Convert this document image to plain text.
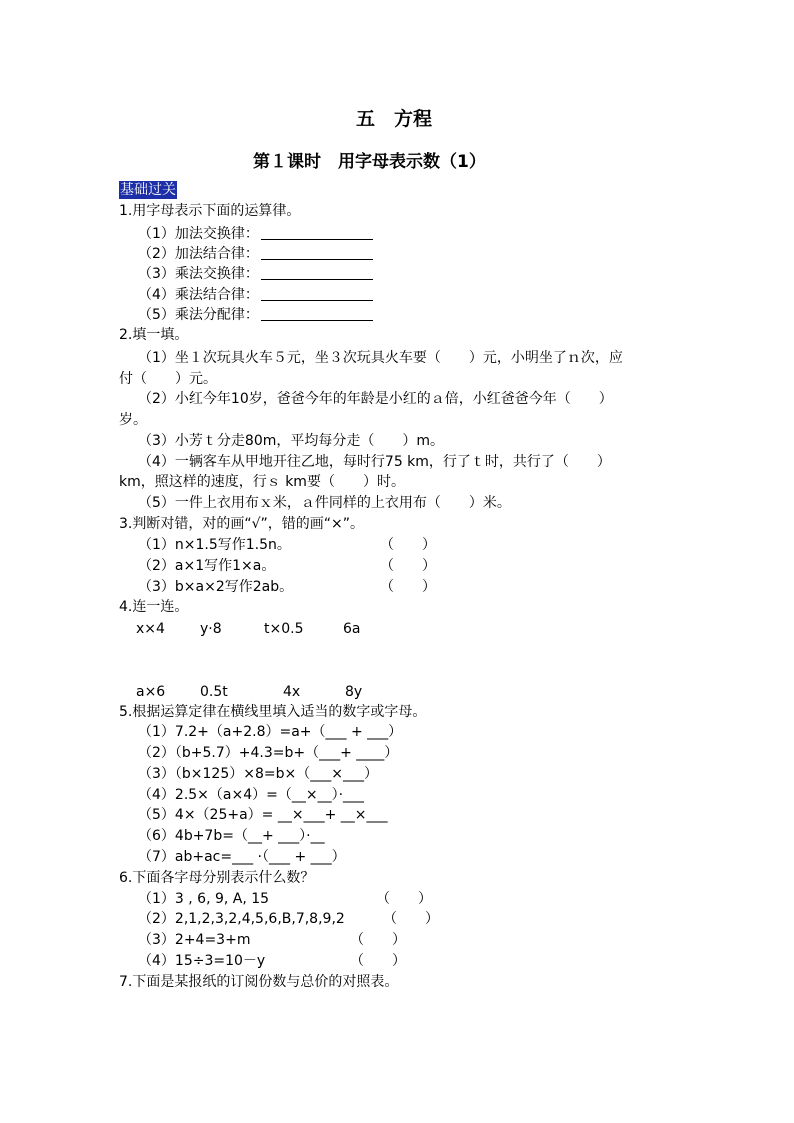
五　方程
第１课时　用字母表示数（1）
基础过关
1.用字母表示下面的运算律。
（1）加法交换律：
（2）加法结合律：
（3）乘法交换律：
（4）乘法结合律：
（5）乘法分配律：
2.填一填。
（1）坐１次玩具火车５元，坐３次玩具火车要（　　）元，小明坐了ｎ次，应
付（　　）元。
（2）小红今年10岁，爸爸今年的年龄是小红的ａ倍，小红爸爸今年（　　）
岁。
（3）小芳ｔ分走80m，平均每分走（　　）m。
（4）一辆客车从甲地开往乙地，每时行75 km，行了ｔ时，共行了（　　）
km，照这样的速度，行ｓ km要（　　）时。
（5）一件上衣用布ｘ米，ａ件同样的上衣用布（　　）米。
3.判断对错，对的画“√”，错的画“×”。
（1）n×1.5写作1.5n。	（　　）
（2）a×1写作1×a。	（　　）
（3）b×a×2写作2ab。	（　　）
4.连一连。
x×4	y·8	t×0.5	6a
a×6 0.5t	4x	8y
5.根据运算定律在横线里填入适当的数字或字母。
（1）7.2+（a+2.8）=a+（___ + ___）
（2）（b+5.7）+4.3=b+（___+ ____）
（3）（b×125）×8=b×（___×___）
（4）2.5×（a×4）=（__×__）·___
（5）4×（25+a）= __×___+ __×___
（6）4b+7b=（__+ ___）·__
（7）ab+ac=___ ·（___ + ___）
6.下面各字母分别表示什么数？
（1）3 , 6, 9, A, 15	（　　）
（2）2,1,2,3,2,4,5,6,B,7,8,9,2	（　　）
（3）2+4=3+m	（　　）
（4）15÷3=10－y	（　　）
7.下面是某报纸的订阅份数与总价的对照表。
